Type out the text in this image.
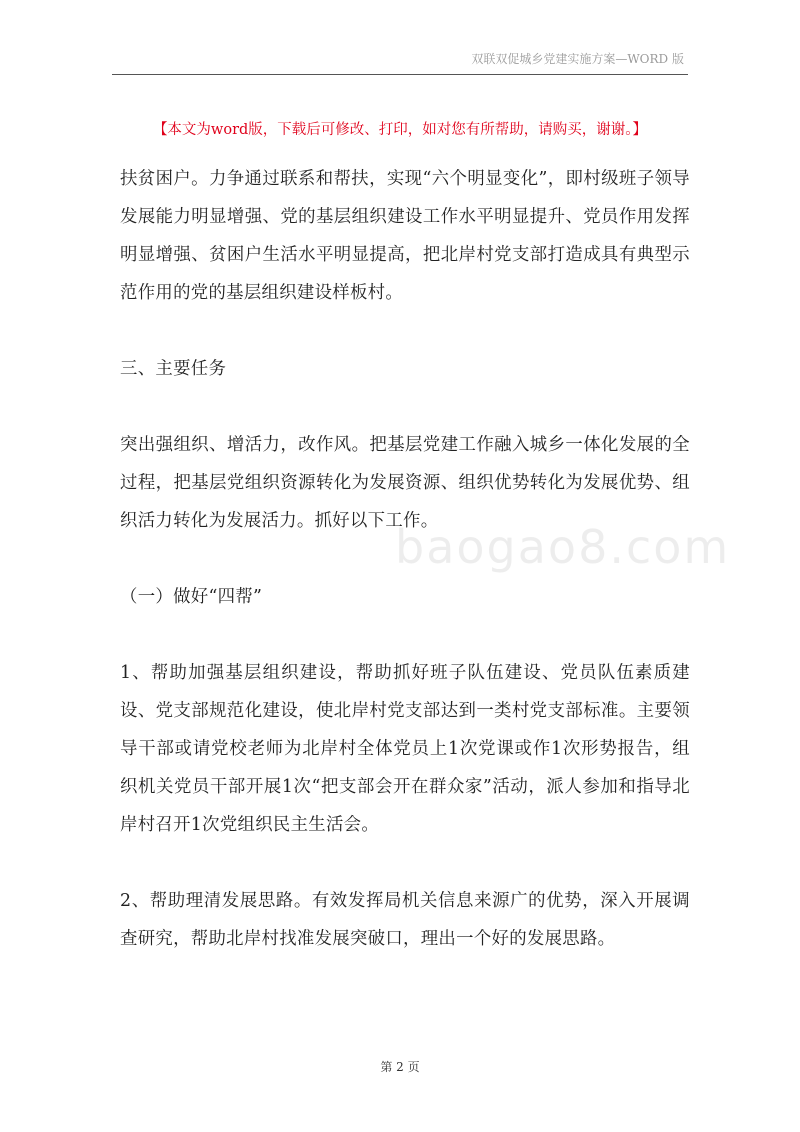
双联双促城乡党建实施方案—WORD 版
【本文为word版，下载后可修改、打印，如对您有所帮助，请购买，谢谢。】

扶贫困户。力争通过联系和帮扶，实现“六个明显变化”，即村级班子领导发展能力明显增强、党的基层组织建设工作水平明显提升、党员作用发挥明显增强、贫困户生活水平明显提高，把北岸村党支部打造成具有典型示范作用的党的基层组织建设样板村。

三、主要任务

突出强组织、增活力，改作风。把基层党建工作融入城乡一体化发展的全过程，把基层党组织资源转化为发展资源、组织优势转化为发展优势、组织活力转化为发展活力。抓好以下工作。

（一）做好“四帮”

1、帮助加强基层组织建设，帮助抓好班子队伍建设、党员队伍素质建设、党支部规范化建设，使北岸村党支部达到一类村党支部标准。主要领导干部或请党校老师为北岸村全体党员上1次党课或作1次形势报告，组织机关党员干部开展1次“把支部会开在群众家”活动，派人参加和指导北岸村召开1次党组织民主生活会。

2、帮助理清发展思路。有效发挥局机关信息来源广的优势，深入开展调查研究，帮助北岸村找准发展突破口，理出一个好的发展思路。

baogao8.com
第 2 页
